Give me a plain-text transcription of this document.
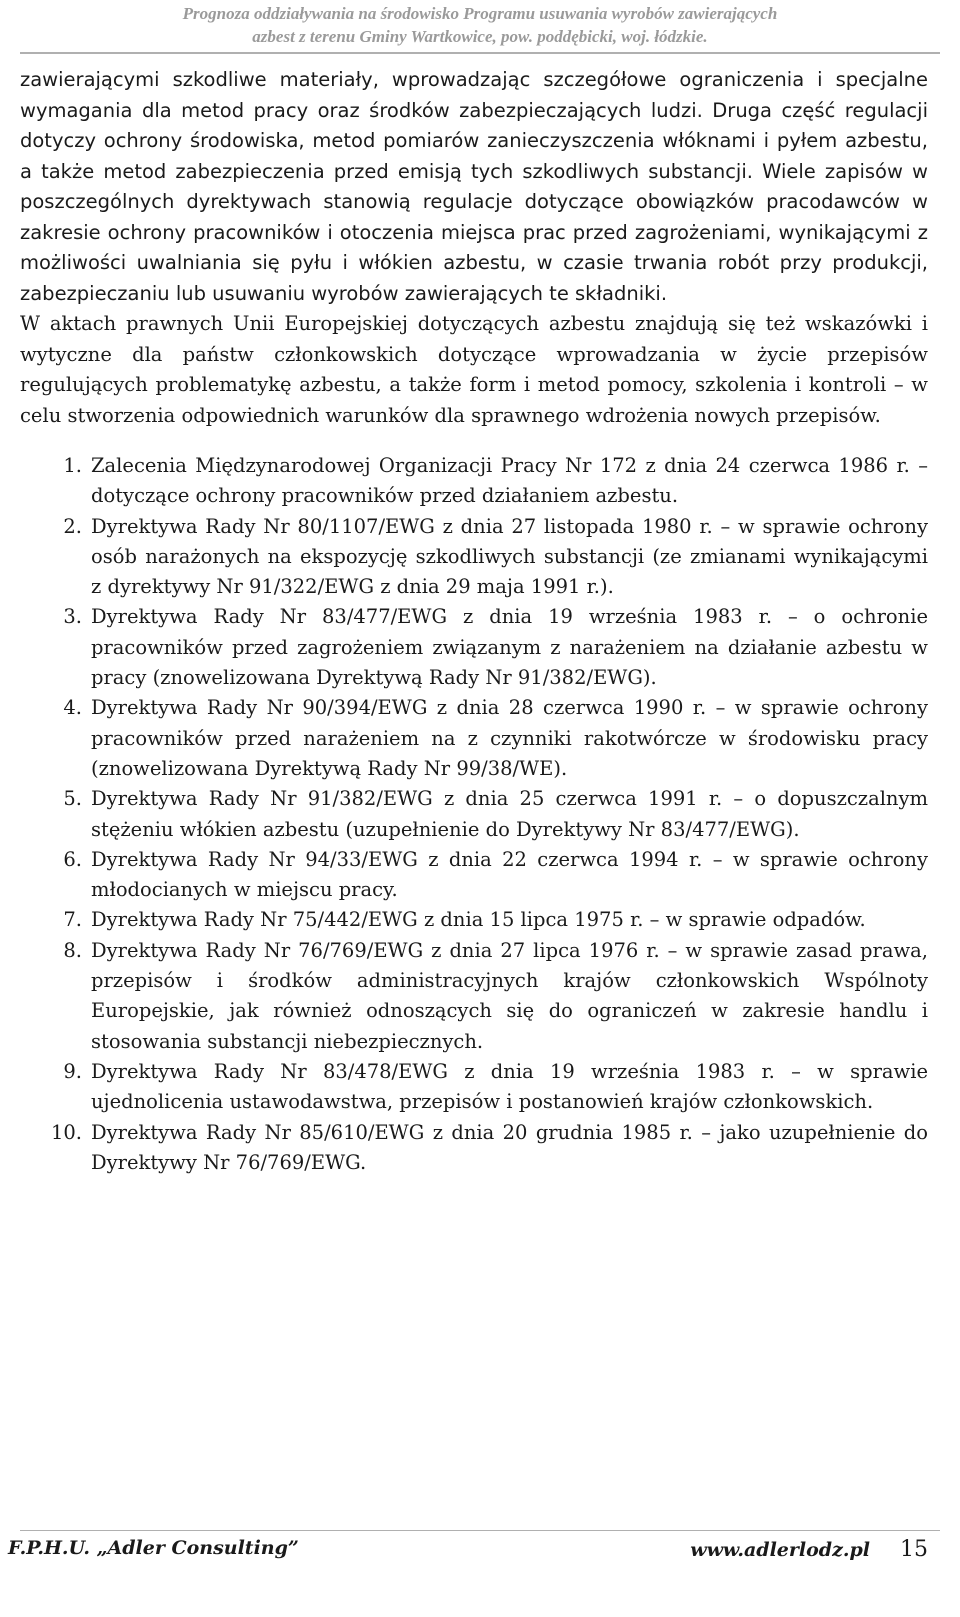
Prognoza oddziaływania na środowisko Programu usuwania wyrobów zawierających
azbest z terenu Gminy Wartkowice, pow. poddębicki, woj. łódzkie.

zawierającymi szkodliwe materiały, wprowadzając szczegółowe ograniczenia i specjalne wymagania dla metod pracy oraz środków zabezpieczających ludzi. Druga część regulacji dotyczy ochrony środowiska, metod pomiarów zanieczyszczenia włóknami i pyłem azbestu, a także metod zabezpieczenia przed emisją tych szkodliwych substancji. Wiele zapisów w poszczególnych dyrektywach stanowią regulacje dotyczące obowiązków pracodawców w zakresie ochrony pracowników i otoczenia miejsca prac przed zagrożeniami, wynikającymi z możliwości uwalniania się pyłu i włókien azbestu, w czasie trwania robót przy produkcji, zabezpieczaniu lub usuwaniu wyrobów zawierających te składniki.

W aktach prawnych Unii Europejskiej dotyczących azbestu znajdują się też wskazówki i wytyczne dla państw członkowskich dotyczące wprowadzania w życie przepisów regulujących problematykę azbestu, a także form i metod pomocy, szkolenia i kontroli – w celu stworzenia odpowiednich warunków dla sprawnego wdrożenia nowych przepisów.

1. Zalecenia Międzynarodowej Organizacji Pracy Nr 172 z dnia 24 czerwca 1986 r. – dotyczące ochrony pracowników przed działaniem azbestu.
2. Dyrektywa Rady Nr 80/1107/EWG z dnia 27 listopada 1980 r. – w sprawie ochrony osób narażonych na ekspozycję szkodliwych substancji (ze zmianami wynikającymi z dyrektywy Nr 91/322/EWG z dnia 29 maja 1991 r.).
3. Dyrektywa Rady Nr 83/477/EWG z dnia 19 września 1983 r. – o ochronie pracowników przed zagrożeniem związanym z narażeniem na działanie azbestu w pracy (znowelizowana Dyrektywą Rady Nr 91/382/EWG).
4. Dyrektywa Rady Nr 90/394/EWG z dnia 28 czerwca 1990 r. – w sprawie ochrony pracowników przed narażeniem na z czynniki rakotwórcze w środowisku pracy (znowelizowana Dyrektywą Rady Nr 99/38/WE).
5. Dyrektywa Rady Nr 91/382/EWG z dnia 25 czerwca 1991 r. – o dopuszczalnym stężeniu włókien azbestu (uzupełnienie do Dyrektywy Nr 83/477/EWG).
6. Dyrektywa Rady Nr 94/33/EWG z dnia 22 czerwca 1994 r. – w sprawie ochrony młodocianych w miejscu pracy.
7. Dyrektywa Rady Nr 75/442/EWG z dnia 15 lipca 1975 r. – w sprawie odpadów.
8. Dyrektywa Rady Nr 76/769/EWG z dnia 27 lipca 1976 r. – w sprawie zasad prawa, przepisów i środków administracyjnych krajów członkowskich Wspólnoty Europejskie, jak również odnoszących się do ograniczeń w zakresie handlu i stosowania substancji niebezpiecznych.
9. Dyrektywa Rady Nr 83/478/EWG z dnia 19 września 1983 r. – w sprawie ujednolicenia ustawodawstwa, przepisów i postanowień krajów członkowskich.
10. Dyrektywa Rady Nr 85/610/EWG z dnia 20 grudnia 1985 r. – jako uzupełnienie do Dyrektywy Nr 76/769/EWG.
F.P.H.U. „Adler Consulting”	www.adlerlodz.pl 15
